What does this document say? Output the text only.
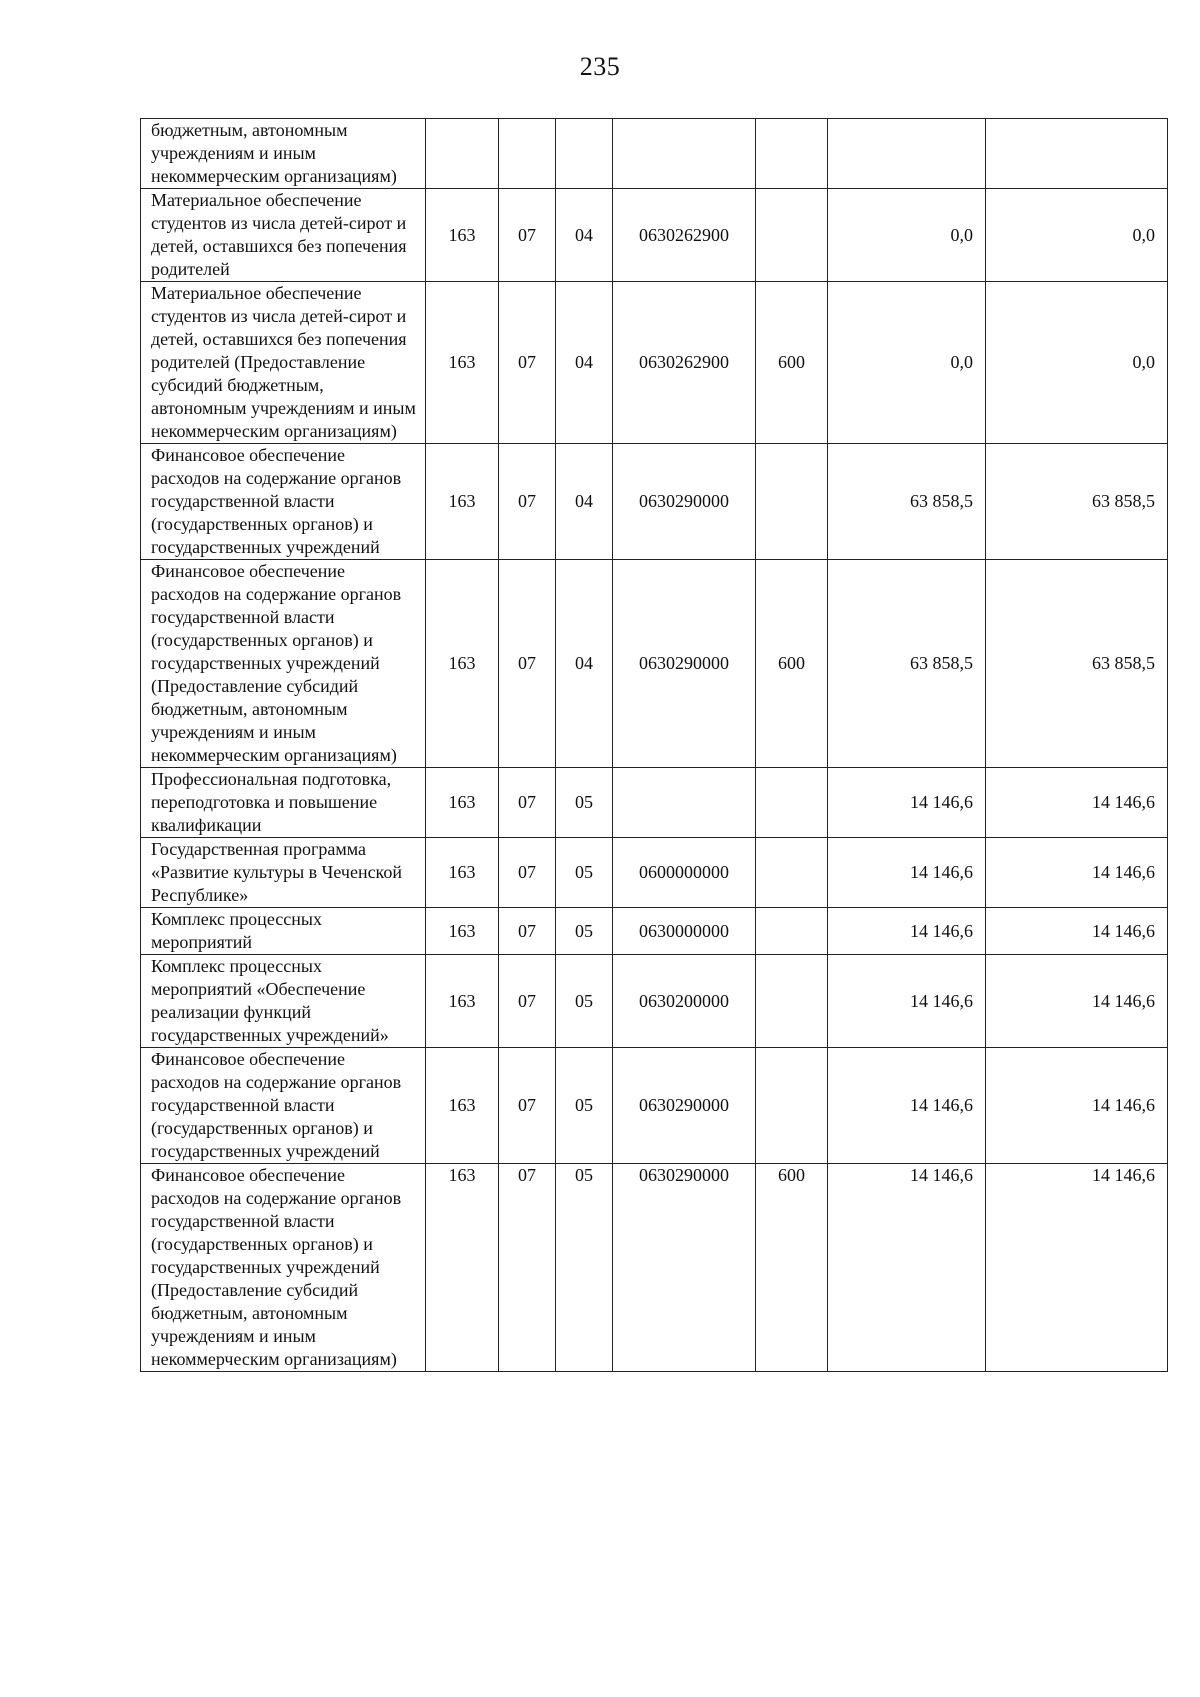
235
бюджетным, автономным учреждениям и иным некоммерческим организациям)							
Материальное обеспечение студентов из числа детей-сирот и детей, оставшихся без попечения родителей	163	07	04	0630262900		0,0	0,0
Материальное обеспечение студентов из числа детей-сирот и детей, оставшихся без попечения родителей (Предоставление субсидий бюджетным, автономным учреждениям и иным некоммерческим организациям)	163	07	04	0630262900	600	0,0	0,0
Финансовое обеспечение расходов на содержание органов государственной власти (государственных органов) и государственных учреждений	163	07	04	0630290000		63 858,5	63 858,5
Финансовое обеспечение расходов на содержание органов государственной власти (государственных органов) и государственных учреждений (Предоставление субсидий бюджетным, автономным учреждениям и иным некоммерческим организациям)	163	07	04	0630290000	600	63 858,5	63 858,5
Профессиональная подготовка, переподготовка и повышение квалификации	163	07	05			14 146,6	14 146,6
Государственная программа «Развитие культуры в Чеченской Республике»	163	07	05	0600000000		14 146,6	14 146,6
Комплекс процессных мероприятий	163	07	05	0630000000		14 146,6	14 146,6
Комплекс процессных мероприятий «Обеспечение реализации функций государственных учреждений»	163	07	05	0630200000		14 146,6	14 146,6
Финансовое обеспечение расходов на содержание органов государственной власти (государственных органов) и государственных учреждений	163	07	05	0630290000		14 146,6	14 146,6
Финансовое обеспечение расходов на содержание органов государственной власти (государственных органов) и государственных учреждений (Предоставление субсидий бюджетным, автономным учреждениям и иным некоммерческим организациям)	163	07	05	0630290000	600	14 146,6	14 146,6
